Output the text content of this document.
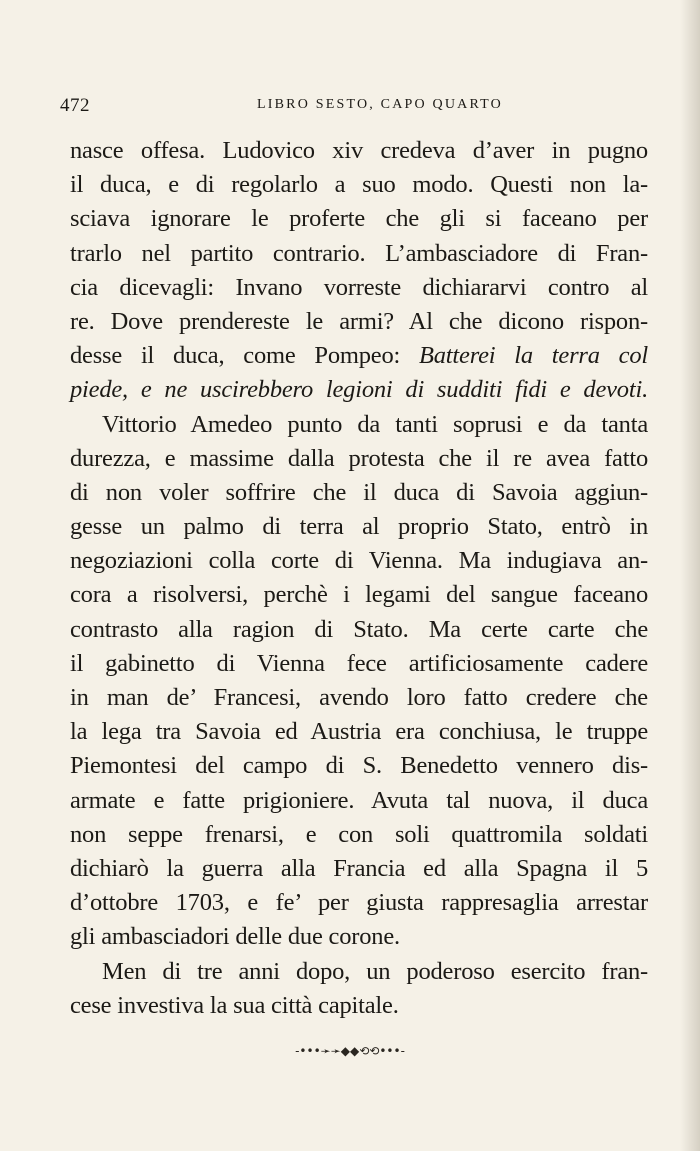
472	LIBRO SESTO, CAPO QUARTO
nasce offesa. Ludovico xiv credeva d’aver in pugno
il duca, e di regolarlo a suo modo. Questi non la-
sciava ignorare le proferte che gli si faceano per
trarlo nel partito contrario. L’ambasciadore di Fran-
cia dicevagli: Invano vorreste dichiararvi contro al
re. Dove prendereste le armi? Al che dicono rispon-
desse il duca, come Pompeo: Batterei la terra col
piede, e ne uscirebbero legioni di sudditi fidi e devoti.
Vittorio Amedeo punto da tanti soprusi e da tanta
durezza, e massime dalla protesta che il re avea fatto
di non voler soffrire che il duca di Savoia aggiun-
gesse un palmo di terra al proprio Stato, entrò in
negoziazioni colla corte di Vienna. Ma indugiava an-
cora a risolversi, perchè i legami del sangue faceano
contrasto alla ragion di Stato. Ma certe carte che
il gabinetto di Vienna fece artificiosamente cadere
in man de’ Francesi, avendo loro fatto credere che
la lega tra Savoia ed Austria era conchiusa, le truppe
Piemontesi del campo di S. Benedetto vennero dis-
armate e fatte prigioniere. Avuta tal nuova, il duca
non seppe frenarsi, e con soli quattromila soldati
dichiarò la guerra alla Francia ed alla Spagna il 5
d’ottobre 1703, e fe’ per giusta rappresaglia arrestar
gli ambasciadori delle due corone.
Men di tre anni dopo, un poderoso esercito fran-
cese investiva la sua città capitale.
-•••➛➛◆◆⟲⟲•••-
